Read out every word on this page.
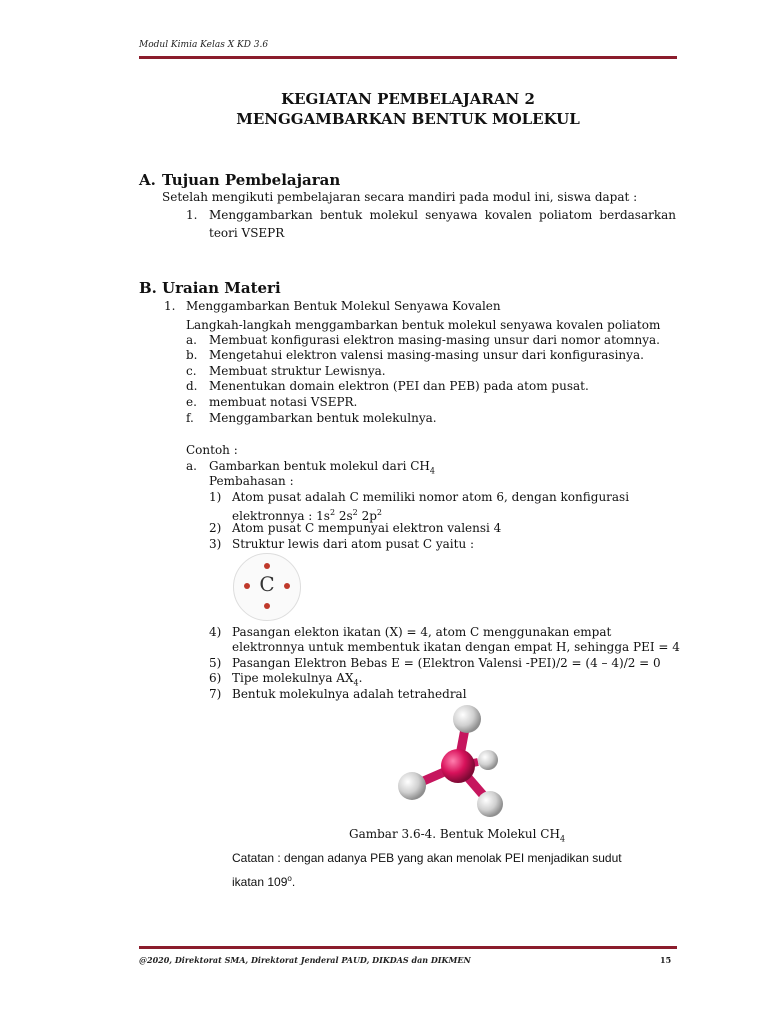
Modul Kimia Kelas X KD 3.6
KEGIATAN PEMBELAJARAN 2
MENGGAMBARKAN BENTUK MOLEKUL
A. Tujuan Pembelajaran
Setelah mengikuti pembelajaran secara mandiri pada modul ini, siswa dapat :
1. Menggambarkan bentuk molekul senyawa kovalen poliatom berdasarkan
teori VSEPR
B. Uraian Materi
1. Menggambarkan Bentuk Molekul Senyawa Kovalen
Langkah-langkah menggambarkan bentuk molekul senyawa kovalen poliatom
a. Membuat konfigurasi elektron masing-masing unsur dari nomor atomnya.
b. Mengetahui elektron valensi masing-masing unsur dari konfigurasinya.
c. Membuat struktur Lewisnya.
d. Menentukan domain elektron (PEI dan PEB) pada atom pusat.
e. membuat notasi VSEPR.
f. Menggambarkan bentuk molekulnya.
Contoh :
a. Gambarkan bentuk molekul dari $CH_4$
Pembahasan :
1) Atom pusat adalah C memiliki nomor atom 6, dengan konfigurasi
elektronnya : $1s^2$ $2s^2$ $2p^2$
2) Atom pusat C mempunyai elektron valensi 4
3) Struktur lewis dari atom pusat C yaitu :
C
4) Pasangan elekton ikatan (X) = 4, atom C menggunakan empat
elektronnya untuk membentuk ikatan dengan empat H, sehingga PEI = 4
5) Pasangan Elektron Bebas E = (Elektron Valensi -PEI)/2 = (4 – 4)/2 = 0
6) Tipe molekulnya $AX_4$.
7) Bentuk molekulnya adalah tetrahedral
Gambar 3.6-4. Bentuk Molekul $CH_4$
Catatan : dengan adanya PEB yang akan menolak PEI menjadikan sudut
ikatan 109$^o$.
@2020, Direktorat SMA, Direktorat Jenderal PAUD, DIKDAS dan DIKMEN	15
